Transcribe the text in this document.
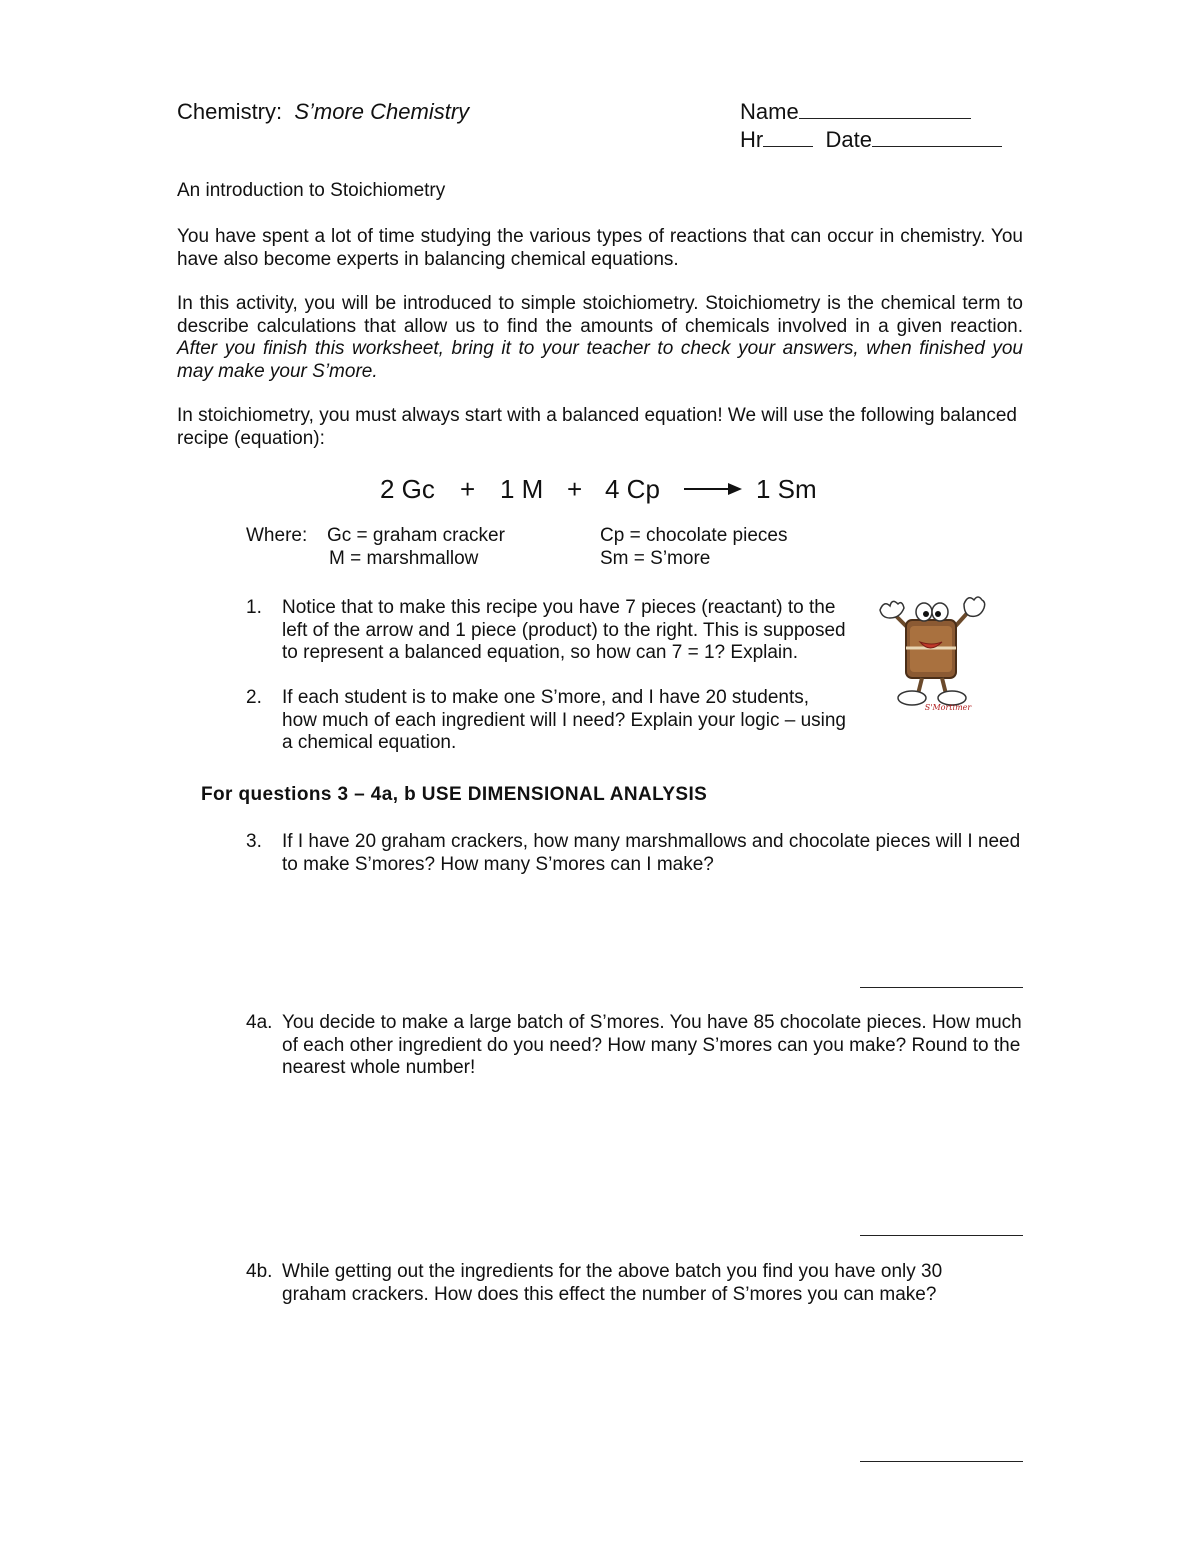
Chemistry: S’more Chemistry	Name
Hr	Date
An introduction to Stoichiometry
You have spent a lot of time studying the various types of reactions that can occur in chemistry. You have also become experts in balancing chemical equations.
In this activity, you will be introduced to simple stoichiometry. Stoichiometry is the chemical term to describe calculations that allow us to find the amounts of chemicals involved in a given reaction. After you finish this worksheet, bring it to your teacher to check your answers, when finished you may make your S’more.
In stoichiometry, you must always start with a balanced equation! We will use the following balanced recipe (equation):
2 Gc + 1 M + 4 Cp → 1 Sm
Where: Gc = graham cracker
M = marshmallow
Cp = chocolate pieces
Sm = S’more
1.	Notice that to make this recipe you have 7 pieces (reactant) to the left of the arrow and 1 piece (product) to the right. This is supposed to represent a balanced equation, so how can 7 = 1? Explain.
2.	If each student is to make one S’more, and I have 20 students, how much of each ingredient will I need? Explain your logic – using a chemical equation.
S'Mortimer
For questions 3 – 4a, b USE DIMENSIONAL ANALYSIS
3.	If I have 20 graham crackers, how many marshmallows and chocolate pieces will I need to make S’mores? How many S’mores can I make?
4a. You decide to make a large batch of S’mores. You have 85 chocolate pieces. How much of each other ingredient do you need? How many S’mores can you make? Round to the nearest whole number!
4b. While getting out the ingredients for the above batch you find you have only 30 graham crackers. How does this effect the number of S’mores you can make?
